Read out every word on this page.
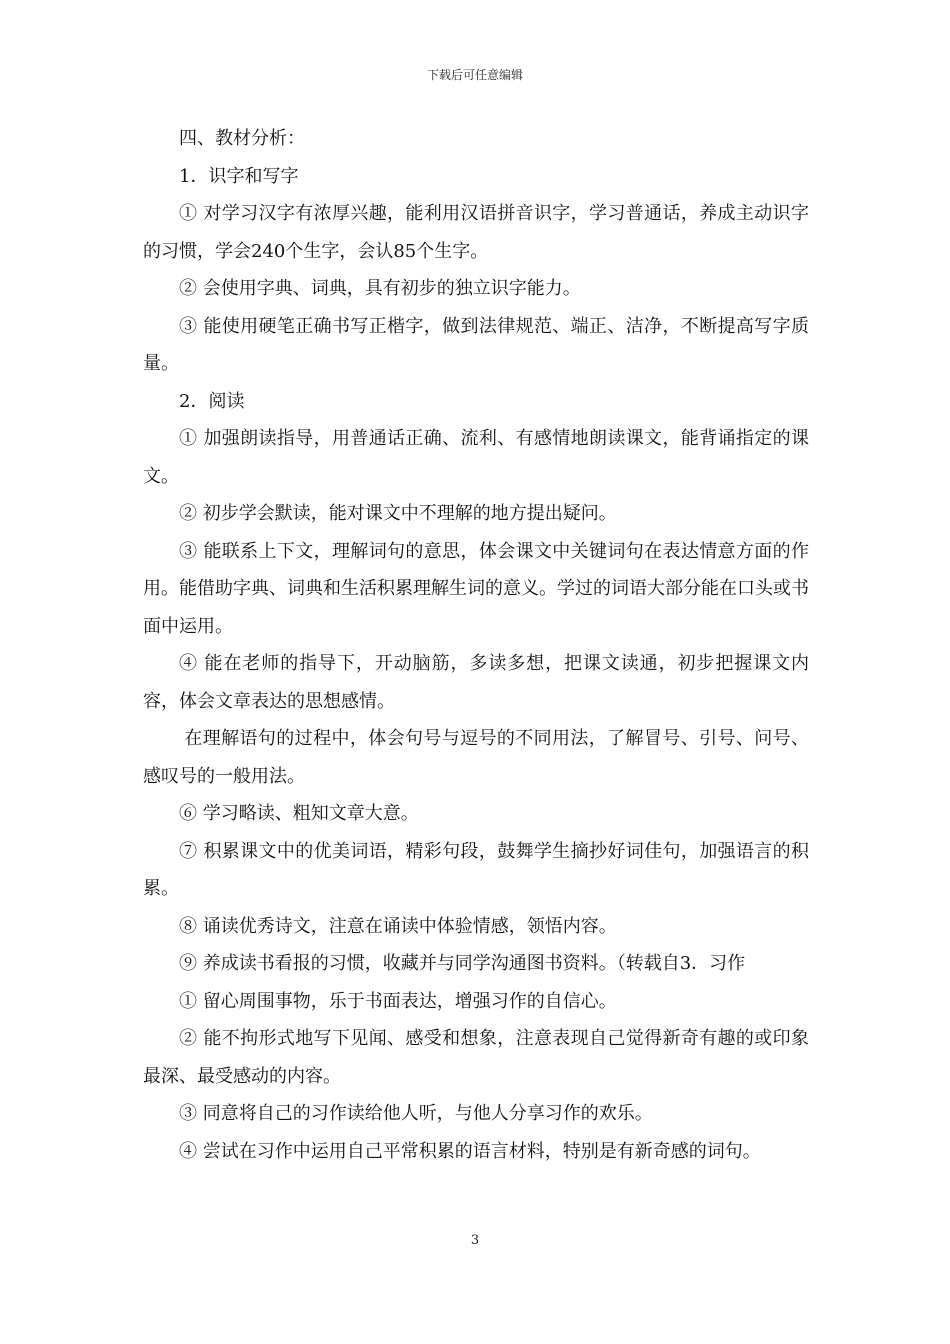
下载后可任意编辑

四、教材分析：

1．识字和写字

① 对学习汉字有浓厚兴趣，能利用汉语拼音识字，学习普通话，养成主动识字的习惯，学会240个生字，会认85个生字。

② 会使用字典、词典，具有初步的独立识字能力。

③ 能使用硬笔正确书写正楷字，做到法律规范、端正、洁净，不断提高写字质量。

2．阅读

① 加强朗读指导，用普通话正确、流利、有感情地朗读课文，能背诵指定的课文。

② 初步学会默读，能对课文中不理解的地方提出疑问。

③ 能联系上下文，理解词句的意思，体会课文中关键词句在表达情意方面的作用。能借助字典、词典和生活积累理解生词的意义。学过的词语大部分能在口头或书面中运用。

④ 能在老师的指导下，开动脑筋，多读多想，把课文读通，初步把握课文内容，体会文章表达的思想感情。

在理解语句的过程中，体会句号与逗号的不同用法，了解冒号、引号、问号、感叹号的一般用法。

⑥ 学习略读、粗知文章大意。

⑦ 积累课文中的优美词语，精彩句段，鼓舞学生摘抄好词佳句，加强语言的积累。

⑧ 诵读优秀诗文，注意在诵读中体验情感，领悟内容。

⑨ 养成读书看报的习惯，收藏并与同学沟通图书资料。（转载自3．习作

① 留心周围事物，乐于书面表达，增强习作的自信心。

② 能不拘形式地写下见闻、感受和想象，注意表现自己觉得新奇有趣的或印象最深、最受感动的内容。

③ 同意将自己的习作读给他人听，与他人分享习作的欢乐。

④ 尝试在习作中运用自己平常积累的语言材料，特别是有新奇感的词句。

3
